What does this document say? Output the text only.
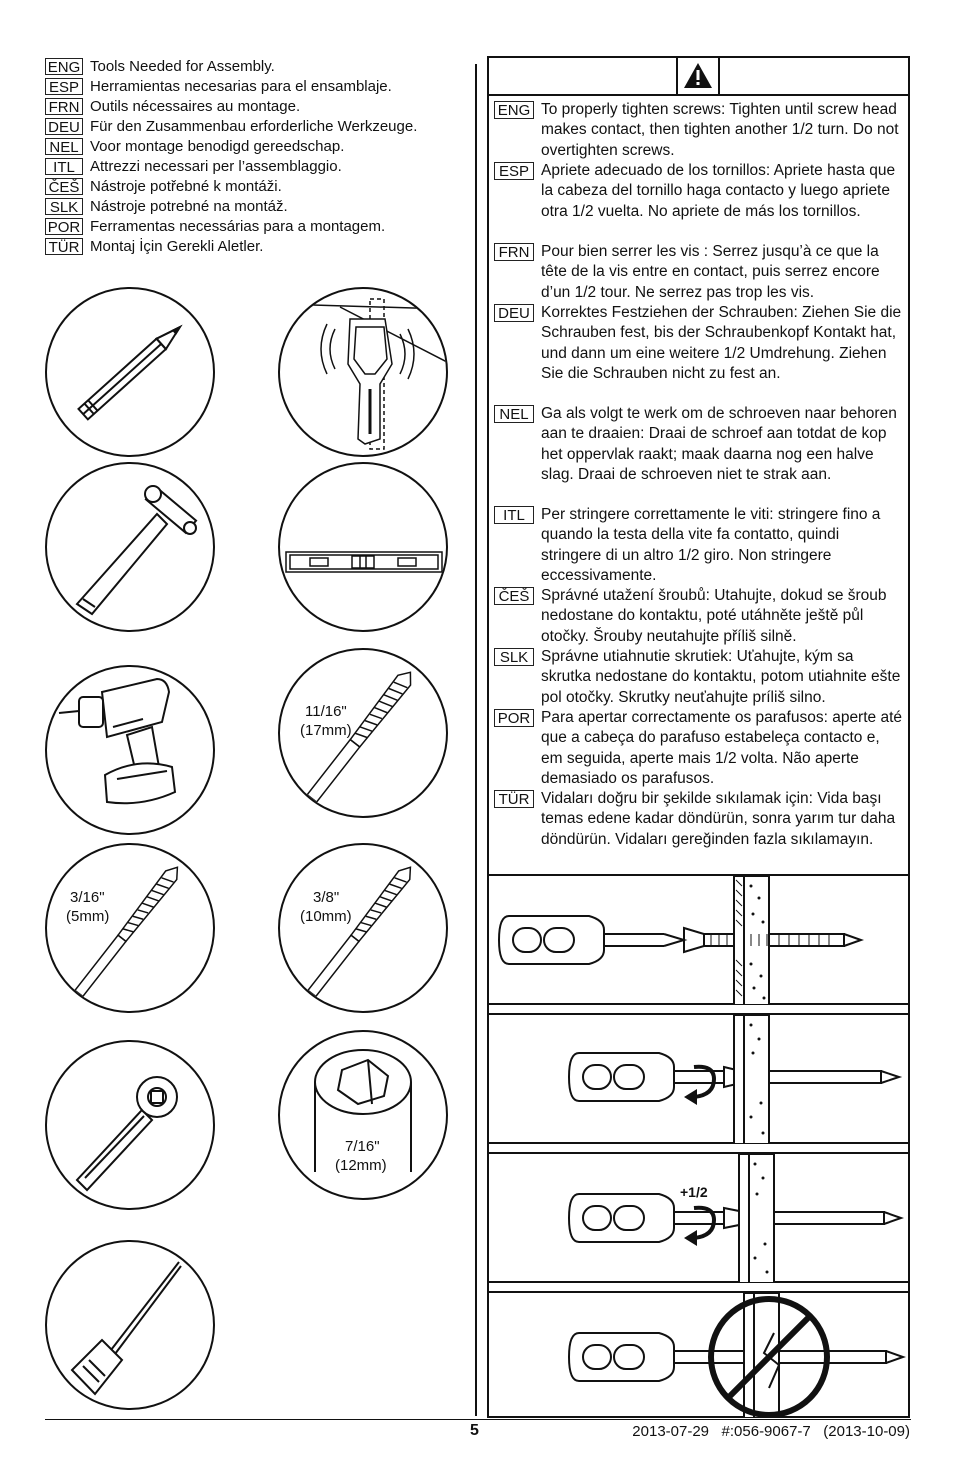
ENG Tools Needed for Assembly.
ESP Herramientas necesarias para el ensamblaje.
FRN Outils nécessaires au montage.
DEU Für den Zusammenbau erforderliche Werkzeuge.
NEL Voor montage benodigd gereedschap.
ITL	Attrezzi necessari per l’assemblaggio.
ČEŠ Nástroje potřebné k montáži.
SLK Nástroje potrebné na montáž.
POR Ferramentas necessárias para a montagem.
TÜR Montaj İçin Gerekli Aletler.
11/16"
(17mm)
3/16"
(5mm)
3/8"
(10mm)
7/16"
(12mm)
ENG To properly tighten screws: Tighten until screw head makes contact, then tighten another 1/2 turn. Do not overtighten screws.
ESP Apriete adecuado de los tornillos: Apriete hasta que la cabeza del tornillo haga contacto y luego apriete otra 1/2 vuelta. No apriete de más los tornillos.
FRN Pour bien serrer les vis : Serrez jusqu’à ce que la tête de la vis entre en contact, puis serrez encore d’un 1/2 tour. Ne serrez pas trop les vis.
DEU Korrektes Festziehen der Schrauben: Ziehen Sie die Schrauben fest, bis der Schraubenkopf Kontakt hat, und dann um eine weitere 1/2 Umdrehung. Ziehen Sie die Schrauben nicht zu fest an.
NEL Ga als volgt te werk om de schroeven naar behoren aan te draaien: Draai de schroef aan totdat de kop het oppervlak raakt; maak daarna nog een halve slag. Draai de schroeven niet te strak aan.
ITL	Per stringere correttamente le viti: stringere fino a quando la testa della vite fa contatto, quindi stringere di un altro 1/2 giro. Non stringere eccessivamente.
ČEŠ Správné utažení šroubů: Utahujte, dokud se šroub nedostane do kontaktu, poté utáhněte ještě půl otočky. Šrouby neutahujte příliš silně.
SLK Správne utiahnutie skrutiek: Uťahujte, kým sa skrutka nedostane do kontaktu, potom utiahnite ešte pol otočky. Skrutky neuťahujte príliš silno.
POR Para apertar correctamente os parafusos: aperte até que a cabeça do parafuso estabeleça contacto e, em seguida, aperte mais 1/2 volta. Não aperte demasiado os parafusos.
TÜR Vidaları doğru bir şekilde sıkılamak için: Vida başı temas edene kadar döndürün, sonra yarım tur daha döndürün. Vidaları gereğinden fazla sıkılamayın.
+1/2
5	2013-07-29   #:056-9067-7   (2013-10-09)
